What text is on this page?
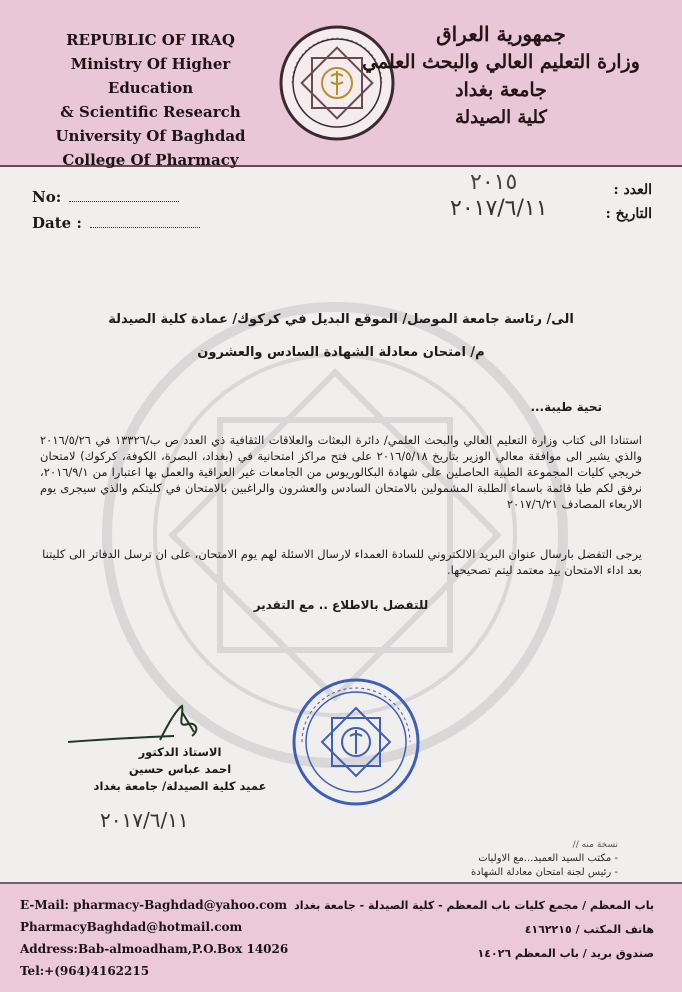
REPUBLIC OF IRAQ
Ministry Of Higher Education
& Scientific Research
University Of Baghdad
College Of Pharmacy
جمهورية العراق
وزارة التعليم العالي والبحث العلمي
جامعة بغداد
كلية الصيدلة
No:
Date :
العدد :
التاريخ :
٢٠١٥
٢٠١٧/٦/١١
الى/ رئاسة جامعة الموصل/ الموقع البديل في كركوك/ عمادة كلية الصيدلة
م/ امتحان معادلة الشهادة السادس والعشرون
تحية طيبة...
استنادا الى كتاب وزارة التعليم العالي والبحث العلمي/ دائرة البعثات والعلاقات الثقافية ذي العدد ص ب/١٣٣٢٦ في ٢٠١٦/٥/٢٦ والذي يشير الى موافقة معالي الوزير بتاريخ ٢٠١٦/٥/١٨ على فتح مراكز امتحانية في (بغداد، البصرة، الكوفة، كركوك) لامتحان خريجي كليات المجموعة الطبية الحاصلين على شهادة البكالوريوس من الجامعات غير العراقية والعمل بها اعتبارا من ٢٠١٦/٩/١، نرفق لكم طيا قائمة باسماء الطلبة المشمولين بالامتحان السادس والعشرون والراغبين بالامتحان في كليتكم والذي سيجرى يوم الاربعاء المصادف ٢٠١٧/٦/٢١
يرجى التفضل بارسال عنوان البريد الالكتروني للسادة العمداء لارسال الاسئلة لهم يوم الامتحان، على ان ترسل الدفاتر الى كليتنا بعد اداء الامتحان بيد معتمد ليتم تصحيحها.
للتفضل بالاطلاع .. مع التقدير
الاستاذ الدكتور
احمد عباس حسين
عميد كلية الصيدلة/ جامعة بغداد
٢٠١٧/٦/١١
نسخة منه //
- مكتب السيد العميد...مع الاوليات
- رئيس لجنة امتحان معادلة الشهادة
E-Mail: pharmacy-Baghdad@yahoo.com
PharmacyBaghdad@hotmail.com
Address:Bab-almoadham,P.O.Box 14026
Tel:+(964)4162215
باب المعظم / مجمع كليات باب المعظم - كلية الصيدلة - جامعة بغداد
هاتف المكتب / ٤١٦٢٢١٥
صندوق بريد / باب المعظم ١٤٠٢٦
